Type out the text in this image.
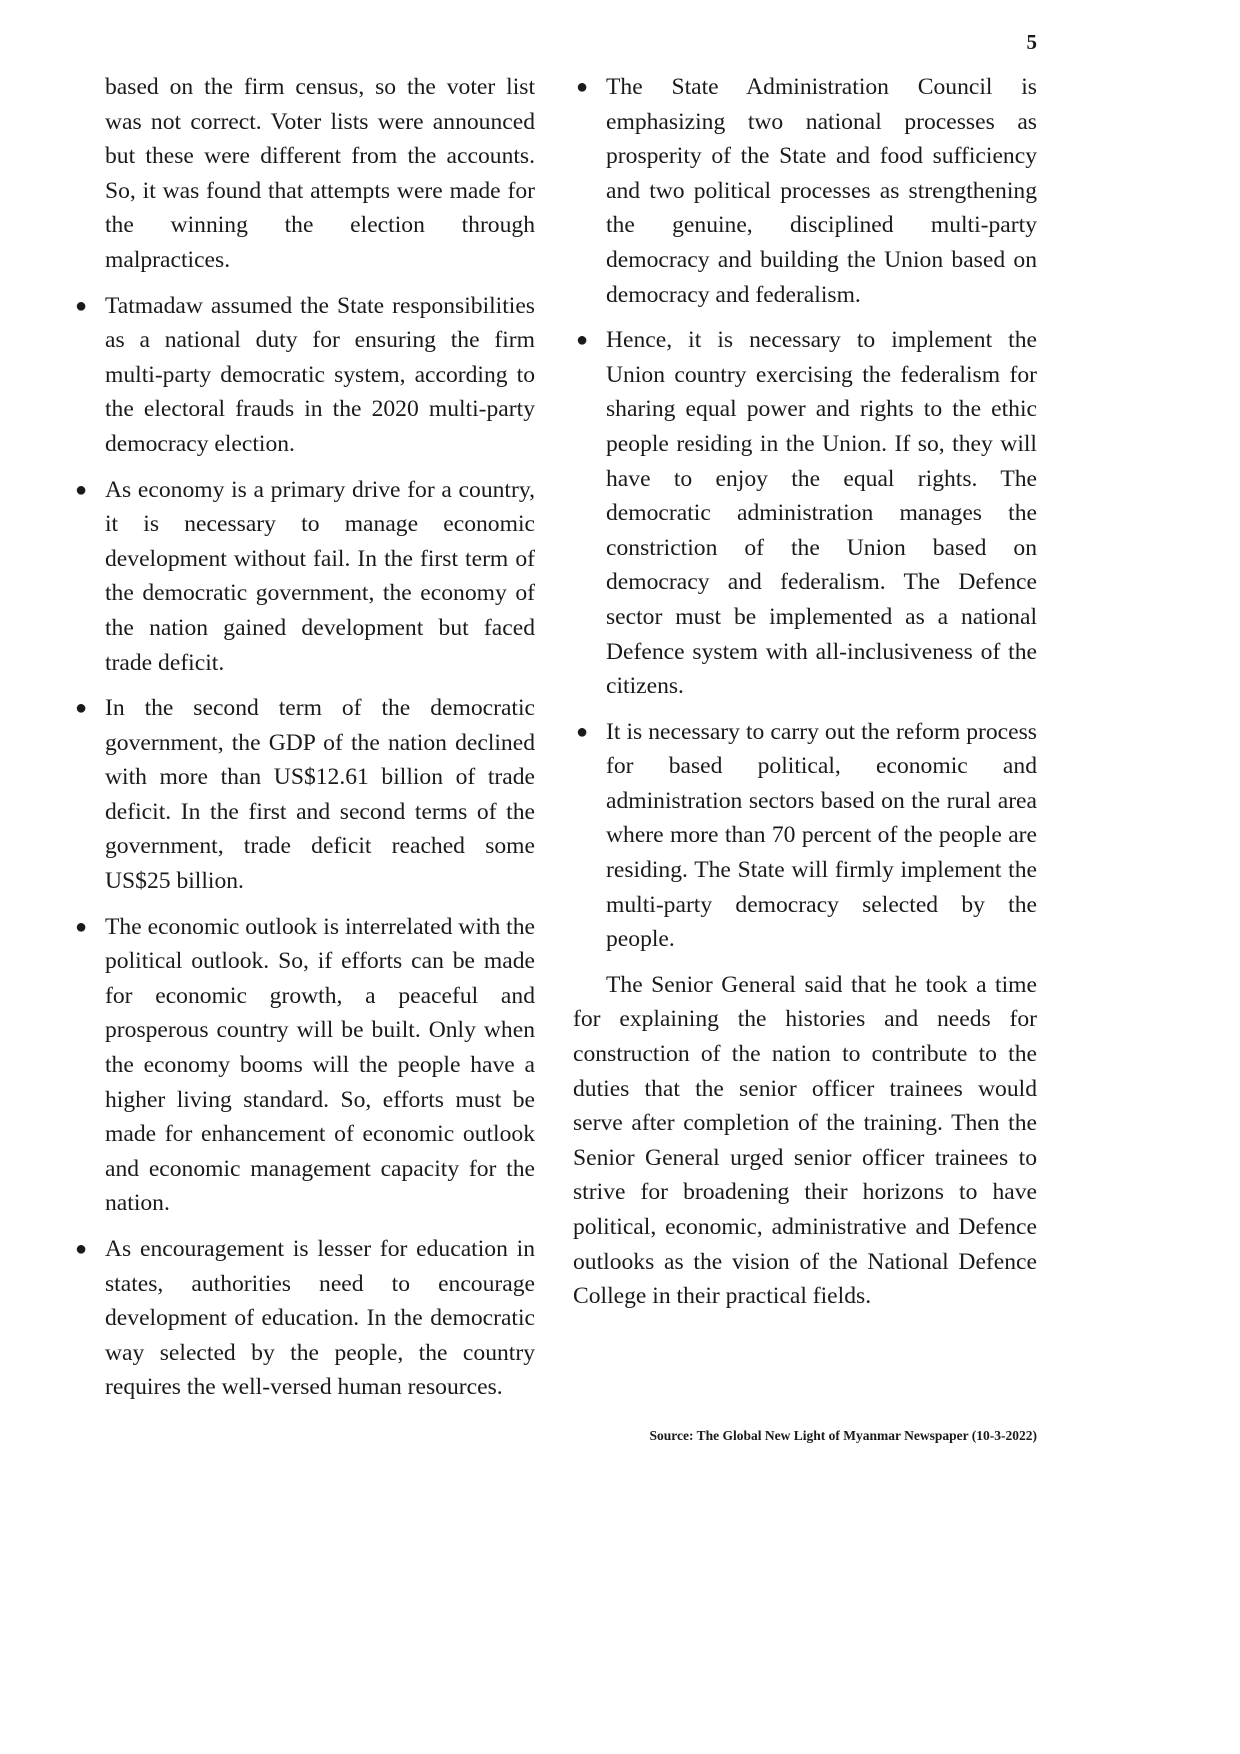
5

based on the firm census, so the voter list was not correct. Voter lists were announced but these were different from the accounts. So, it was found that attempts were made for the winning the election through malpractices.

● Tatmadaw assumed the State responsibilities as a national duty for ensuring the firm multi-party democratic system, according to the electoral frauds in the 2020 multi-party democracy election.
● As economy is a primary drive for a country, it is necessary to manage economic development without fail. In the first term of the democratic government, the economy of the nation gained development but faced trade deficit.
● In the second term of the democratic government, the GDP of the nation declined with more than US$12.61 billion of trade deficit. In the first and second terms of the government, trade deficit reached some US$25 billion.
● The economic outlook is interrelated with the political outlook. So, if efforts can be made for economic growth, a peaceful and prosperous country will be built. Only when the economy booms will the people have a higher living standard. So, efforts must be made for enhancement of economic outlook and economic management capacity for the nation.
● As encouragement is lesser for education in states, authorities need to encourage development of education. In the democratic way selected by the people, the country requires the well-versed human resources.
● The State Administration Council is emphasizing two national processes as prosperity of the State and food sufficiency and two political processes as strengthening the genuine, disciplined multi-party democracy and building the Union based on democracy and federalism.
● Hence, it is necessary to implement the Union country exercising the federalism for sharing equal power and rights to the ethic people residing in the Union. If so, they will have to enjoy the equal rights. The democratic administration manages the constriction of the Union based on democracy and federalism. The Defence sector must be implemented as a national Defence system with all-inclusiveness of the citizens.
● It is necessary to carry out the reform process for based political, economic and administration sectors based on the rural area where more than 70 percent of the people are residing. The State will firmly implement the multi-party democracy selected by the people.

The Senior General said that he took a time for explaining the histories and needs for construction of the nation to contribute to the duties that the senior officer trainees would serve after completion of the training. Then the Senior General urged senior officer trainees to strive for broadening their horizons to have political, economic, administrative and Defence outlooks as the vision of the National Defence College in their practical fields.

Source: The Global New Light of Myanmar Newspaper (10-3-2022)
